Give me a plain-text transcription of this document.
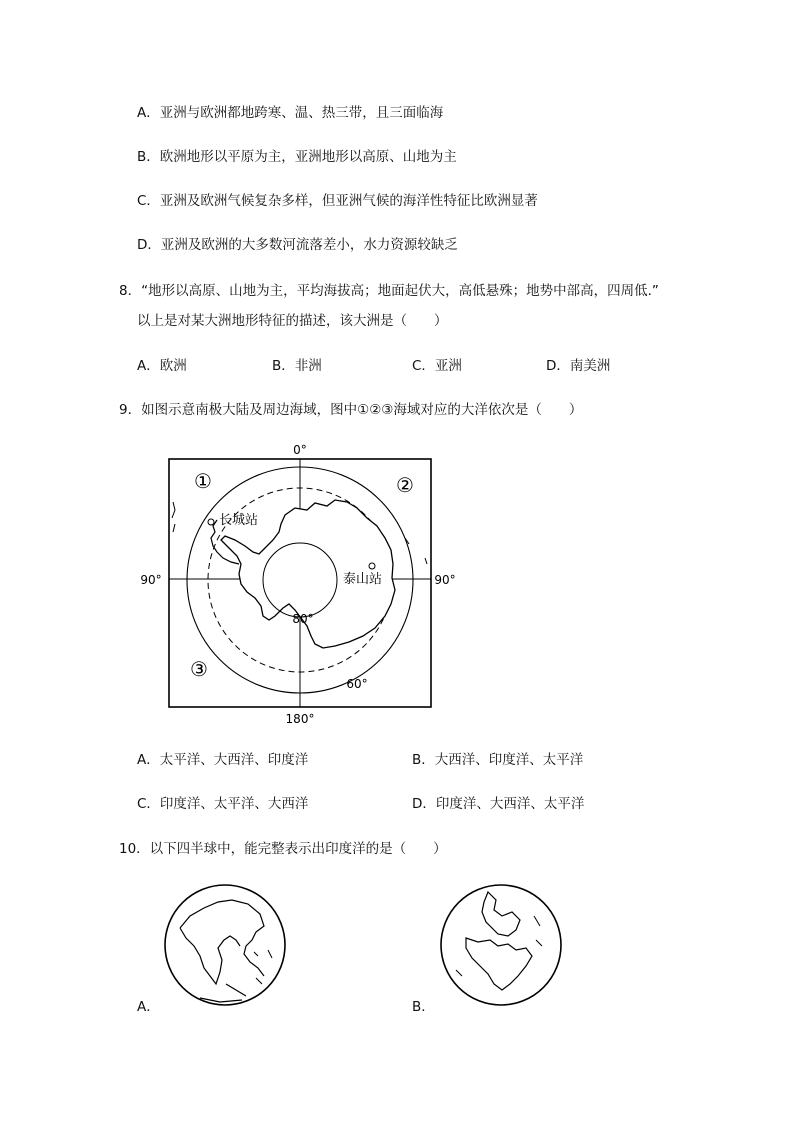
A．亚洲与欧洲都地跨寒、温、热三带，且三面临海
B．欧洲地形以平原为主，亚洲地形以高原、山地为主
C．亚洲及欧洲气候复杂多样，但亚洲气候的海洋性特征比欧洲显著
D．亚洲及欧洲的大多数河流落差小，水力资源较缺乏
8．“地形以高原、山地为主，平均海拔高；地面起伏大，高低悬殊；地势中部高，四周低.”
以上是对某大洲地形特征的描述，该大洲是（　　）
A．欧洲	B．非洲	C．亚洲	D．南美洲
9．如图示意南极大陆及周边海域，图中①②③海域对应的大洋依次是（　　）
0°
180°
90°	90°
80°
60°
①	②
③
长城站
泰山站
A．太平洋、大西洋、印度洋	B．大西洋、印度洋、太平洋
C．印度洋、太平洋、大西洋	D．印度洋、大西洋、太平洋
10．以下四半球中，能完整表示出印度洋的是（　　）
A．	B．
